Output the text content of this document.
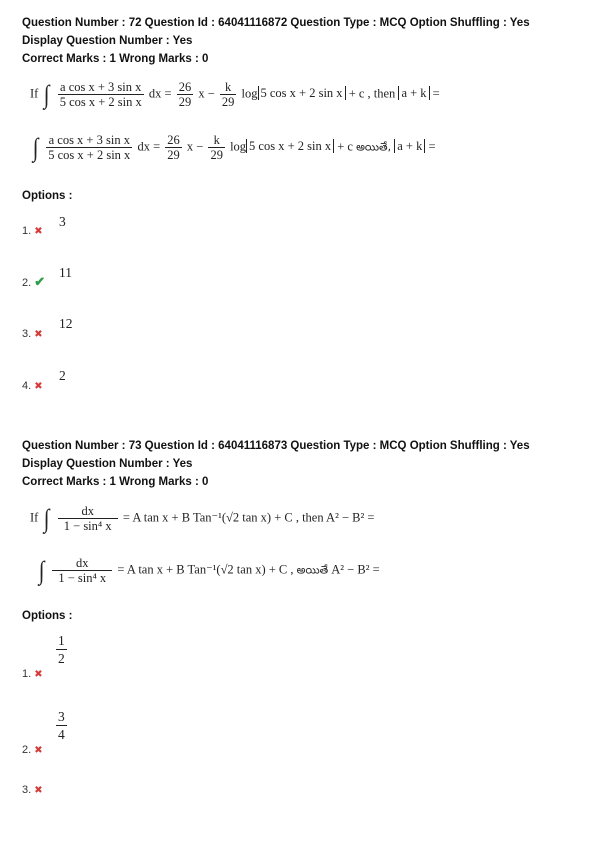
Question Number : 72 Question Id : 64041116872 Question Type : MCQ Option Shuffling : Yes
Display Question Number : Yes
Correct Marks : 1 Wrong Marks : 0
If ∫ $\frac{\text{a cos x + 3 sin x}}{\text{5 cos x + 2 sin x}}$ dx = $\frac{26}{29}$ $x - \frac{k}{29}$ log 5 cos x + 2 sin x + c , then a + k =
∫ $\frac{\text{a cos x + 3 sin x}}{\text{5 cos x + 2 sin x}}$ dx = $\frac{26}{29}$ $x - \frac{k}{29}$ log 5 cos x + 2 sin x + c అయితే, a + k =
Options :
1. ✖
3
2. ✔
11
3. ✖
12
4. ✖
2
Question Number : 73 Question Id : 64041116873 Question Type : MCQ Option Shuffling : Yes
Display Question Number : Yes
Correct Marks : 1 Wrong Marks : 0
If ∫ $\frac{dx}{\text{1 − sin⁴ x}} = A$ tan x + B Tan⁻¹(√2 tan x) + C , then A² − B² =
∫ $\frac{dx}{\text{1 − sin⁴ x}} = A$ tan x + B Tan⁻¹(√2 tan x) + C , అయితే A² − B² =
Options :
1
2
1. ✖
3
4
2. ✖
3. ✖
